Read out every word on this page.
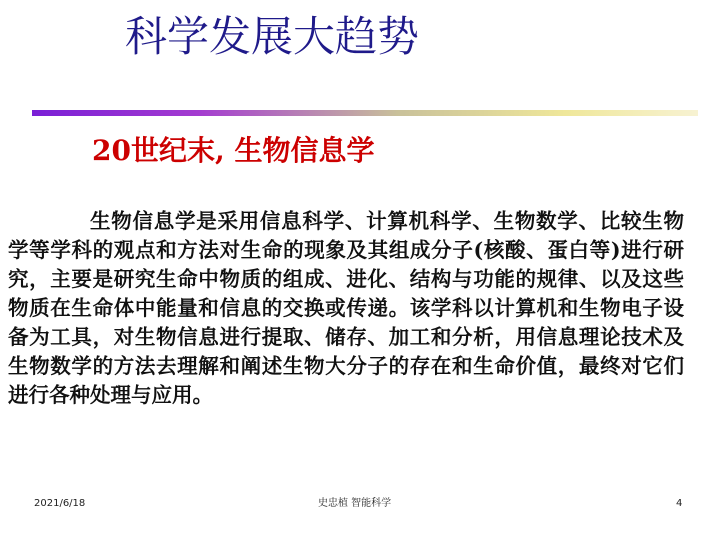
科学发展大趋势
20世纪末, 生物信息学

生物信息学是采用信息科学、计算机科学、生物数学、比较生物学等学科的观点和方法对生命的现象及其组成分子(核酸、蛋白等)进行研究，主要是研究生命中物质的组成、进化、结构与功能的规律、以及这些物质在生命体中能量和信息的交换或传递。该学科以计算机和生物电子设备为工具，对生物信息进行提取、储存、加工和分析，用信息理论技术及生物数学的方法去理解和阐述生物大分子的存在和生命价值，最终对它们进行各种处理与应用。

2021/6/18	史忠植 智能科学	4
